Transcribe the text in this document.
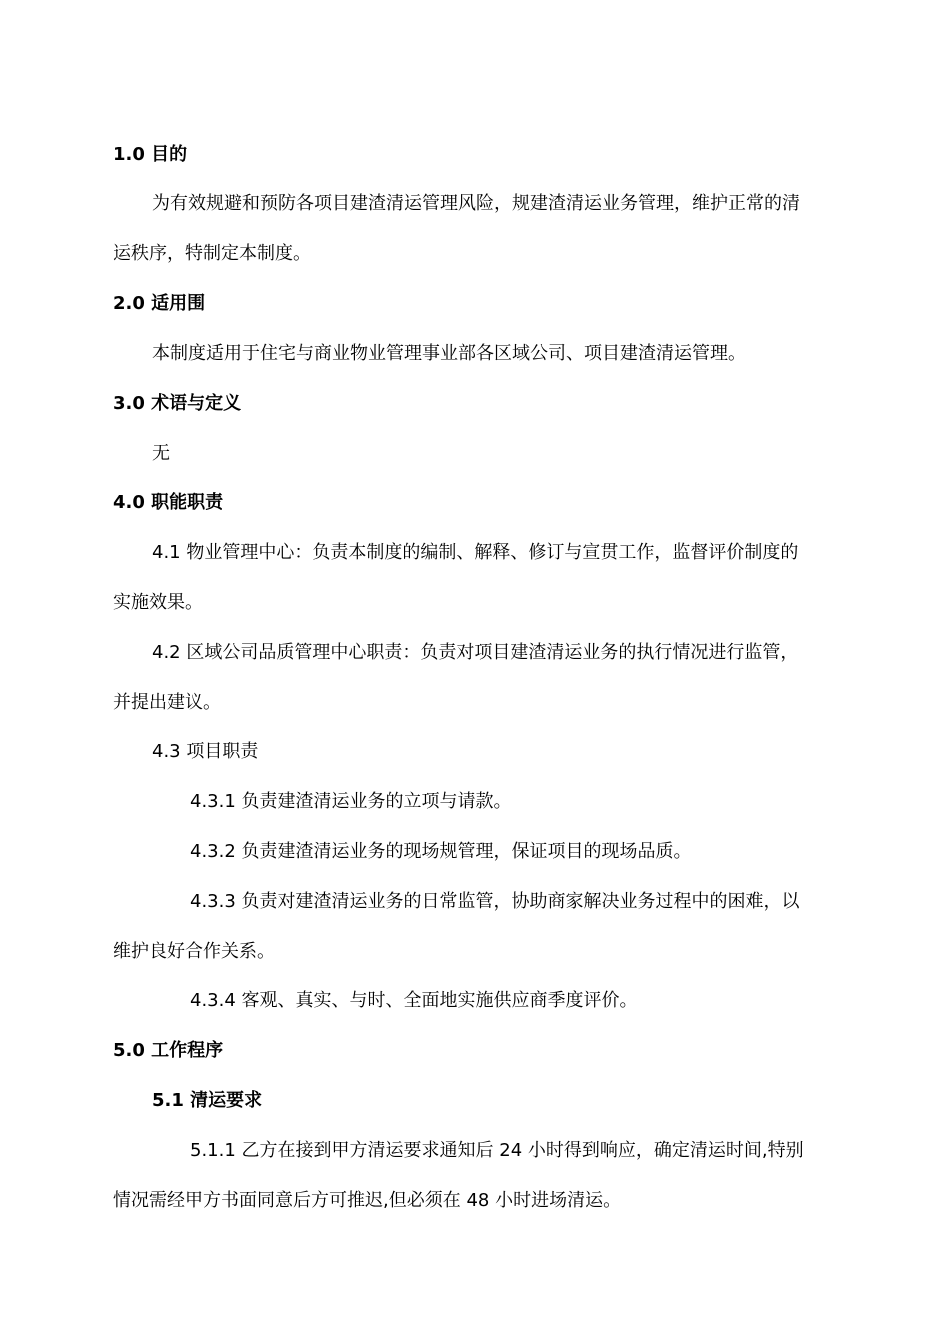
1.0 目的
为有效规避和预防各项目建渣清运管理风险，规建渣清运业务管理，维护正常的清
运秩序，特制定本制度。
2.0 适用围
本制度适用于住宅与商业物业管理事业部各区域公司、项目建渣清运管理。
3.0 术语与定义
无
4.0 职能职责
4.1 物业管理中心：负责本制度的编制、解释、修订与宣贯工作，监督评价制度的
实施效果。
4.2 区域公司品质管理中心职责：负责对项目建渣清运业务的执行情况进行监管，
并提出建议。
4.3 项目职责
4.3.1 负责建渣清运业务的立项与请款。
4.3.2 负责建渣清运业务的现场规管理，保证项目的现场品质。
4.3.3 负责对建渣清运业务的日常监管，协助商家解决业务过程中的困难，以
维护良好合作关系。
4.3.4 客观、真实、与时、全面地实施供应商季度评价。
5.0 工作程序
5.1 清运要求
5.1.1 乙方在接到甲方清运要求通知后 24 小时得到响应，确定清运时间,特别
情况需经甲方书面同意后方可推迟,但必须在 48 小时进场清运。
